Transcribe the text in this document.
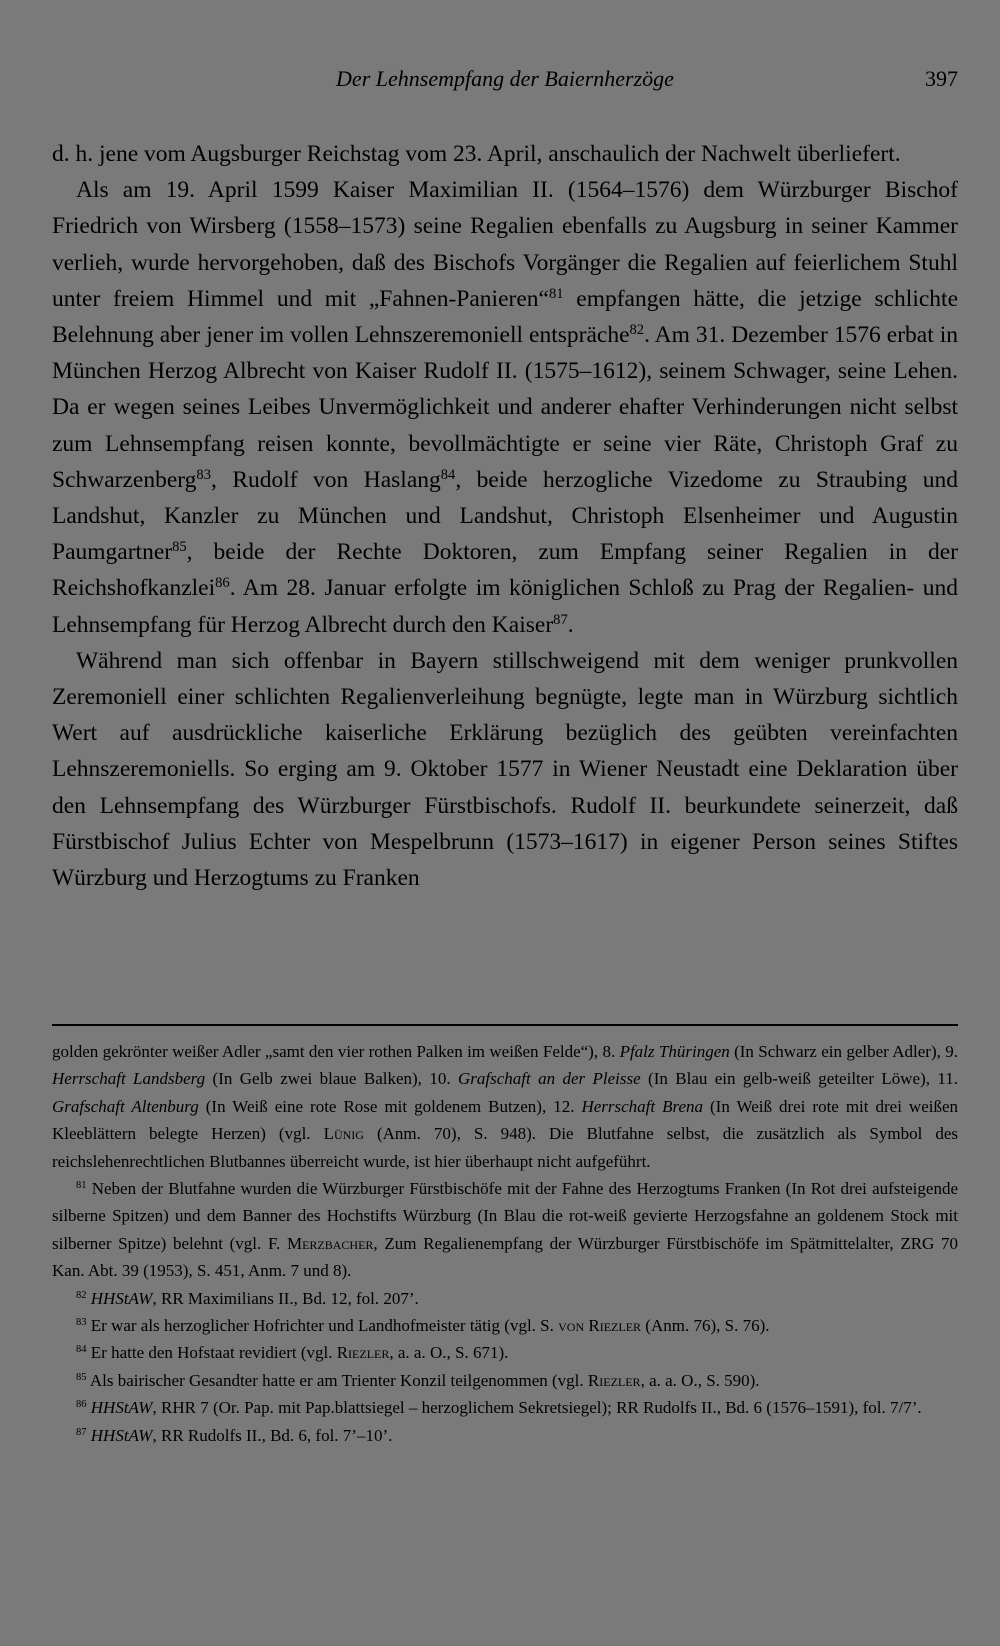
Der Lehnsempfang der Baiernherzöge	397

d. h. jene vom Augsburger Reichstag vom 23. April, anschaulich der Nachwelt überliefert.

Als am 19. April 1599 Kaiser Maximilian II. (1564–1576) dem Würzburger Bischof Friedrich von Wirsberg (1558–1573) seine Regalien ebenfalls zu Augsburg in seiner Kammer verlieh, wurde hervorgehoben, daß des Bischofs Vorgänger die Regalien auf feierlichem Stuhl unter freiem Himmel und mit „Fahnen-Panieren“$^{81}$ empfangen hätte, die jetzige schlichte Belehnung aber jener im vollen Lehnszeremoniell entspräche$^{82}$. Am 31. Dezember 1576 erbat in München Herzog Albrecht von Kaiser Rudolf II. (1575–1612), seinem Schwager, seine Lehen. Da er wegen seines Leibes Unvermöglichkeit und anderer ehafter Verhinderungen nicht selbst zum Lehnsempfang reisen konnte, bevollmächtigte er seine vier Räte, Christoph Graf zu Schwarzenberg$^{83}$, Rudolf von Haslang$^{84}$, beide herzogliche Vizedome zu Straubing und Landshut, Kanzler zu München und Landshut, Christoph Elsenheimer und Augustin Paumgartner$^{85}$, beide der Rechte Doktoren, zum Empfang seiner Regalien in der Reichshofkanzlei$^{86}$. Am 28. Januar erfolgte im königlichen Schloß zu Prag der Regalien- und Lehnsempfang für Herzog Albrecht durch den Kaiser$^{87}$.

Während man sich offenbar in Bayern stillschweigend mit dem weniger prunkvollen Zeremoniell einer schlichten Regalienverleihung begnügte, legte man in Würzburg sichtlich Wert auf ausdrückliche kaiserliche Erklärung bezüglich des geübten vereinfachten Lehnszeremoniells. So erging am 9. Oktober 1577 in Wiener Neustadt eine Deklaration über den Lehnsempfang des Würzburger Fürstbischofs. Rudolf II. beurkundete seinerzeit, daß Fürstbischof Julius Echter von Mespelbrunn (1573–1617) in eigener Person seines Stiftes Würzburg und Herzogtums zu Franken

golden gekrönter weißer Adler „samt den vier rothen Palken im weißen Felde“), 8. Pfalz Thüringen (In Schwarz ein gelber Adler), 9. Herrschaft Landsberg (In Gelb zwei blaue Balken), 10. Grafschaft an der Pleisse (In Blau ein gelb-weiß geteilter Löwe), 11. Grafschaft Altenburg (In Weiß eine rote Rose mit goldenem Butzen), 12. Herrschaft Brena (In Weiß drei rote mit drei weißen Kleeblättern belegte Herzen) (vgl. Lünig (Anm. 70), S. 948). Die Blutfahne selbst, die zusätzlich als Symbol des reichslehenrechtlichen Blutbannes überreicht wurde, ist hier überhaupt nicht aufgeführt.

$^{81}$ Neben der Blutfahne wurden die Würzburger Fürstbischöfe mit der Fahne des Herzogtums Franken (In Rot drei aufsteigende silberne Spitzen) und dem Banner des Hochstifts Würzburg (In Blau die rot-weiß gevierte Herzogsfahne an goldenem Stock mit silberner Spitze) belehnt (vgl. F. Merzbacher, Zum Regalienempfang der Würzburger Fürstbischöfe im Spätmittelalter, ZRG 70 Kan. Abt. 39 (1953), S. 451, Anm. 7 und 8).

$^{82}$ HHStAW, RR Maximilians II., Bd. 12, fol. 207’.

$^{83}$ Er war als herzoglicher Hofrichter und Landhofmeister tätig (vgl. S. von Riezler (Anm. 76), S. 76).

$^{84}$ Er hatte den Hofstaat revidiert (vgl. Riezler, a. a. O., S. 671).

$^{85}$ Als bairischer Gesandter hatte er am Trienter Konzil teilgenommen (vgl. Riezler, a. a. O., S. 590).

$^{86}$ HHStAW, RHR 7 (Or. Pap. mit Pap.blattsiegel – herzoglichem Sekretsiegel); RR Rudolfs II., Bd. 6 (1576–1591), fol. 7/7’.

$^{87}$ HHStAW, RR Rudolfs II., Bd. 6, fol. 7’–10’.
